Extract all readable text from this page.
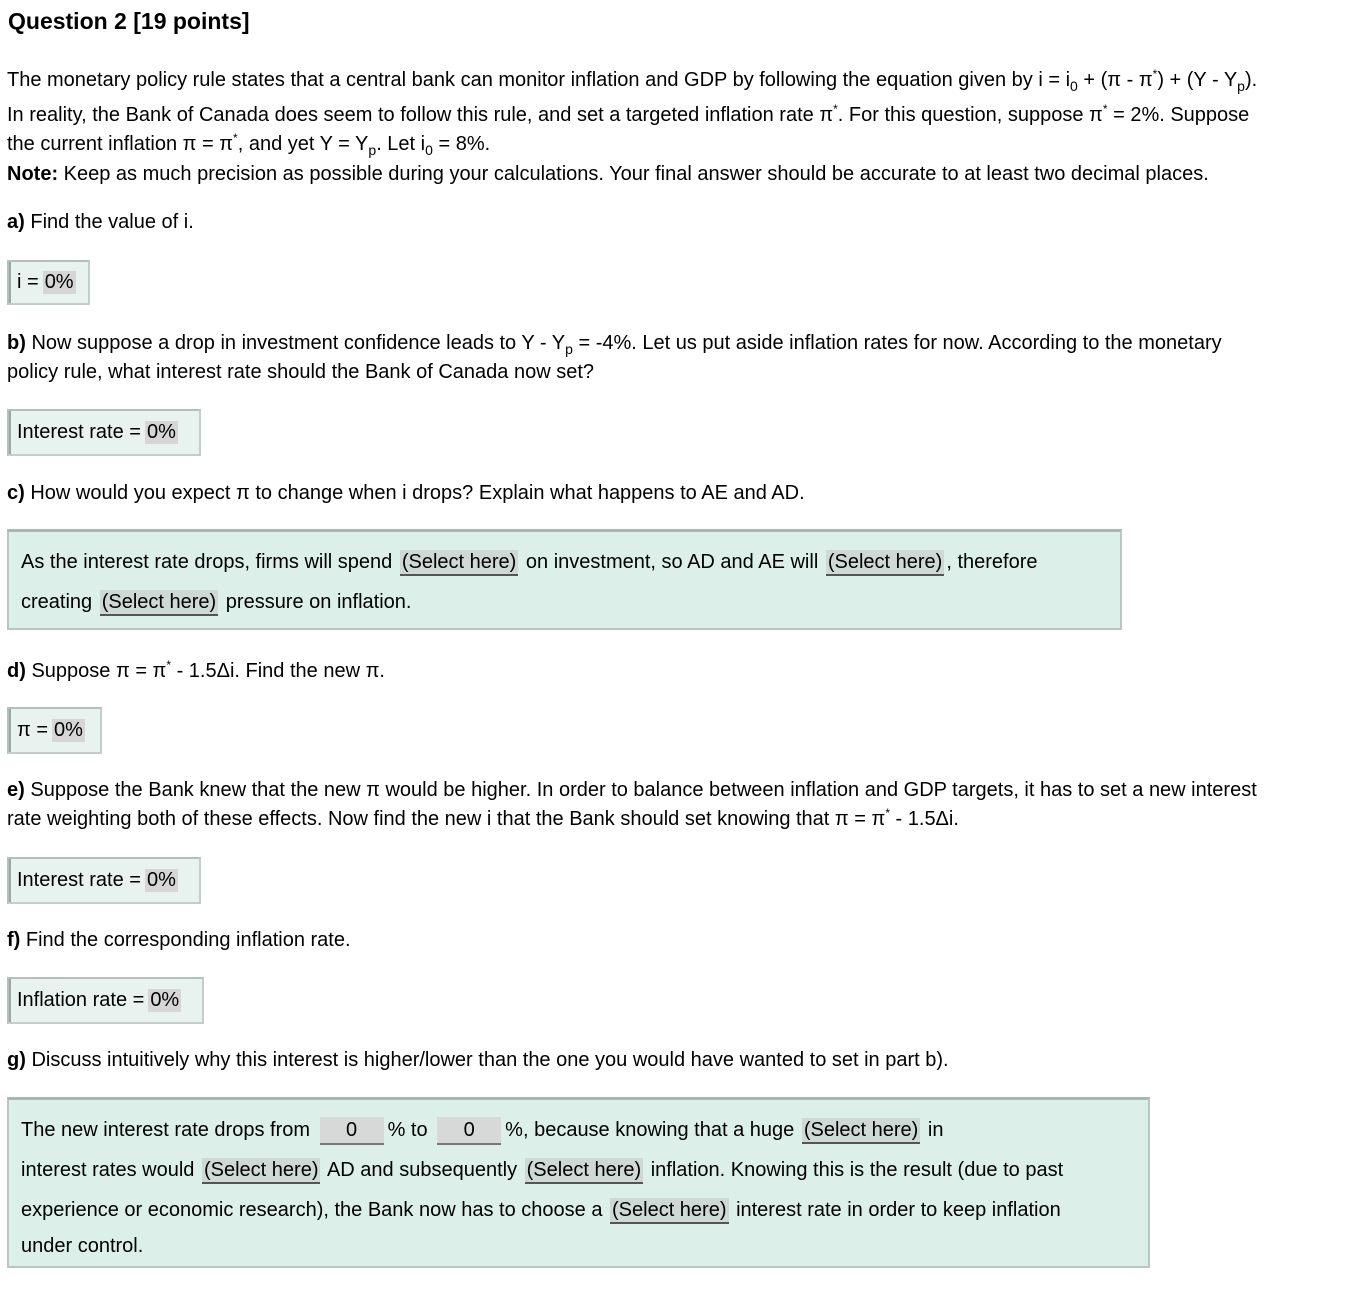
Question 2 [19 points]
The monetary policy rule states that a central bank can monitor inflation and GDP by following the equation given by $i = i_0 + (\pi - \pi^*) + (Y - Y_p)$.
In reality, the Bank of Canada does seem to follow this rule, and set a targeted inflation rate π*. For this question, suppose π* = 2%. Suppose
the current inflation π = π*, and yet $Y = Y_p$. Let $i_0 = 8\%$.
Note: Keep as much precision as possible during your calculations. Your final answer should be accurate to at least two decimal places.
a) Find the value of i.
i = 0%
b) Now suppose a drop in investment confidence leads to $Y - Y_p = -4\%$. Let us put aside inflation rates for now. According to the monetary
policy rule, what interest rate should the Bank of Canada now set?
Interest rate = 0%
c) How would you expect π to change when i drops? Explain what happens to AE and AD.
As the interest rate drops, firms will spend (Select here) on investment, so AD and AE will (Select here) , therefore
creating (Select here) pressure on inflation.
d) Suppose π = π* - 1.5Δi. Find the new π.
π = 0%
e) Suppose the Bank knew that the new π would be higher. In order to balance between inflation and GDP targets, it has to set a new interest
rate weighting both of these effects. Now find the new i that the Bank should set knowing that π = π* - 1.5Δi.
Interest rate = 0%
f) Find the corresponding inflation rate.
Inflation rate = 0%
g) Discuss intuitively why this interest is higher/lower than the one you would have wanted to set in part b).
The new interest rate drops from 0 % to 0 %, because knowing that a huge (Select here) in
interest rates would (Select here) AD and subsequently (Select here) inflation. Knowing this is the result (due to past
experience or economic research), the Bank now has to choose a (Select here) interest rate in order to keep inflation
under control.
